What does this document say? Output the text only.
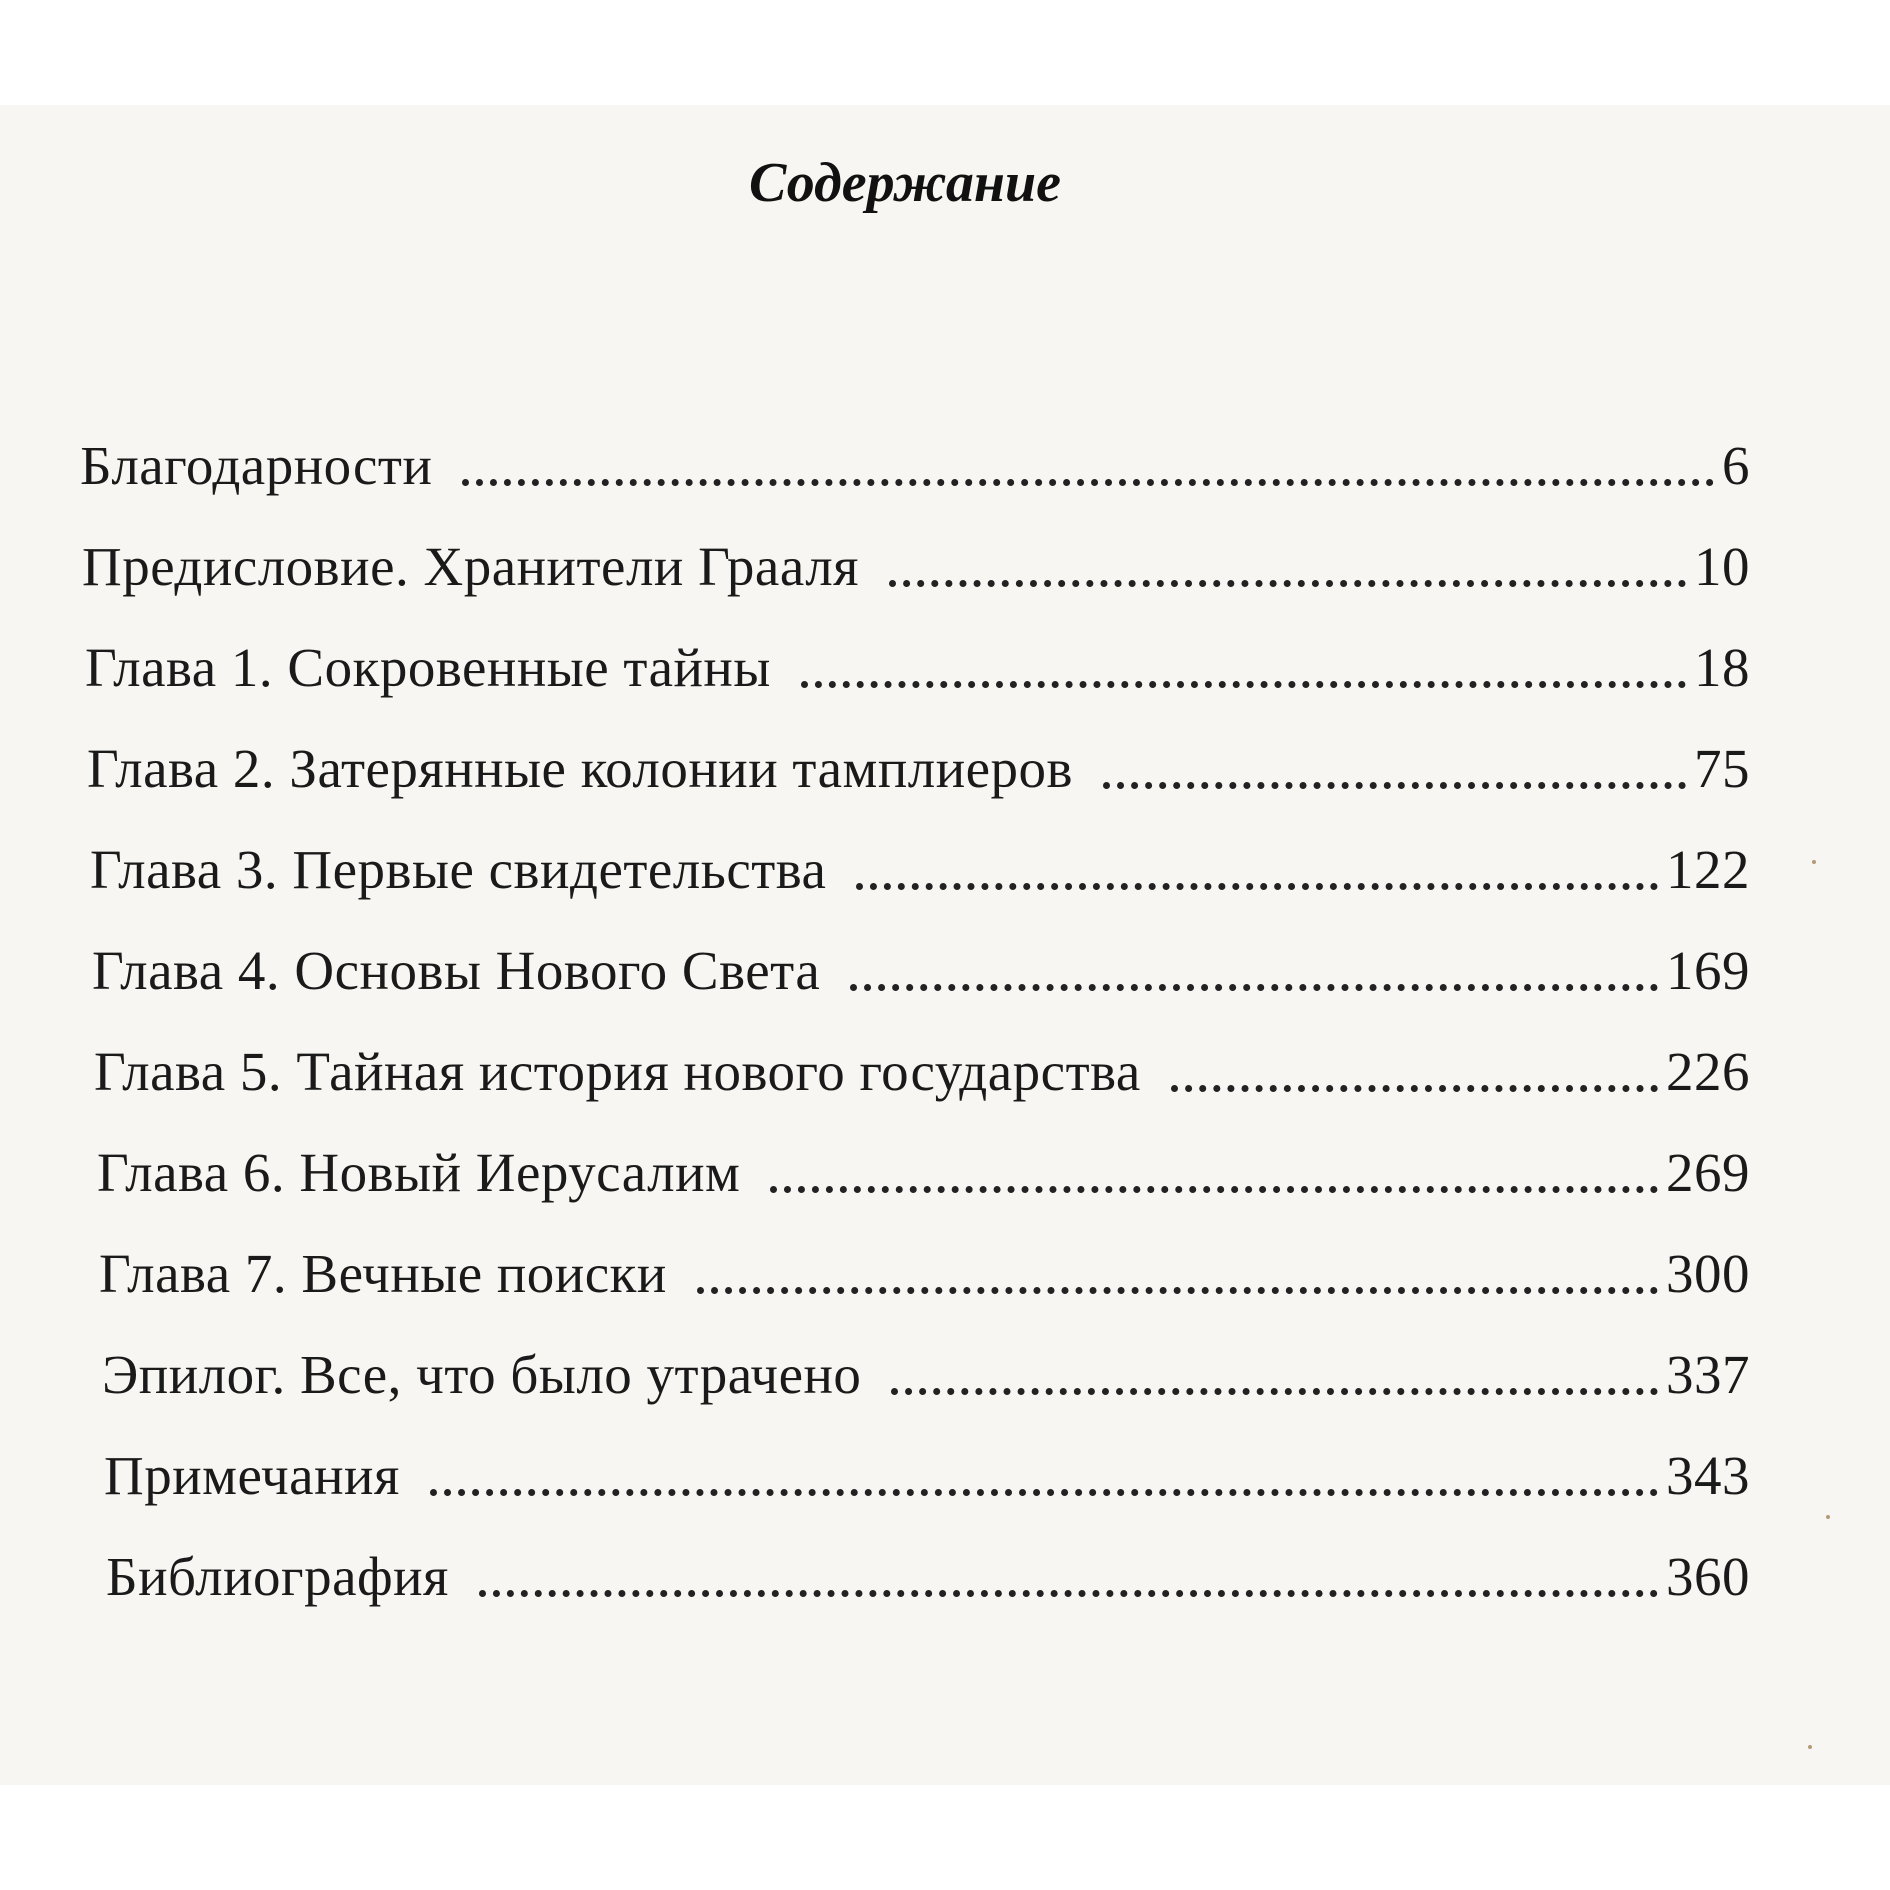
Содержание
Благодарности	6
Предисловие. Хранители Грааля	10
Глава 1. Сокровенные тайны	18
Глава 2. Затерянные колонии тамплиеров	75
Глава 3. Первые свидетельства	122
Глава 4. Основы Нового Света	169
Глава 5. Тайная история нового государства	226
Глава 6. Новый Иерусалим	269
Глава 7. Вечные поиски	300
Эпилог. Все, что было утрачено	337
Примечания	343
Библиография	360
